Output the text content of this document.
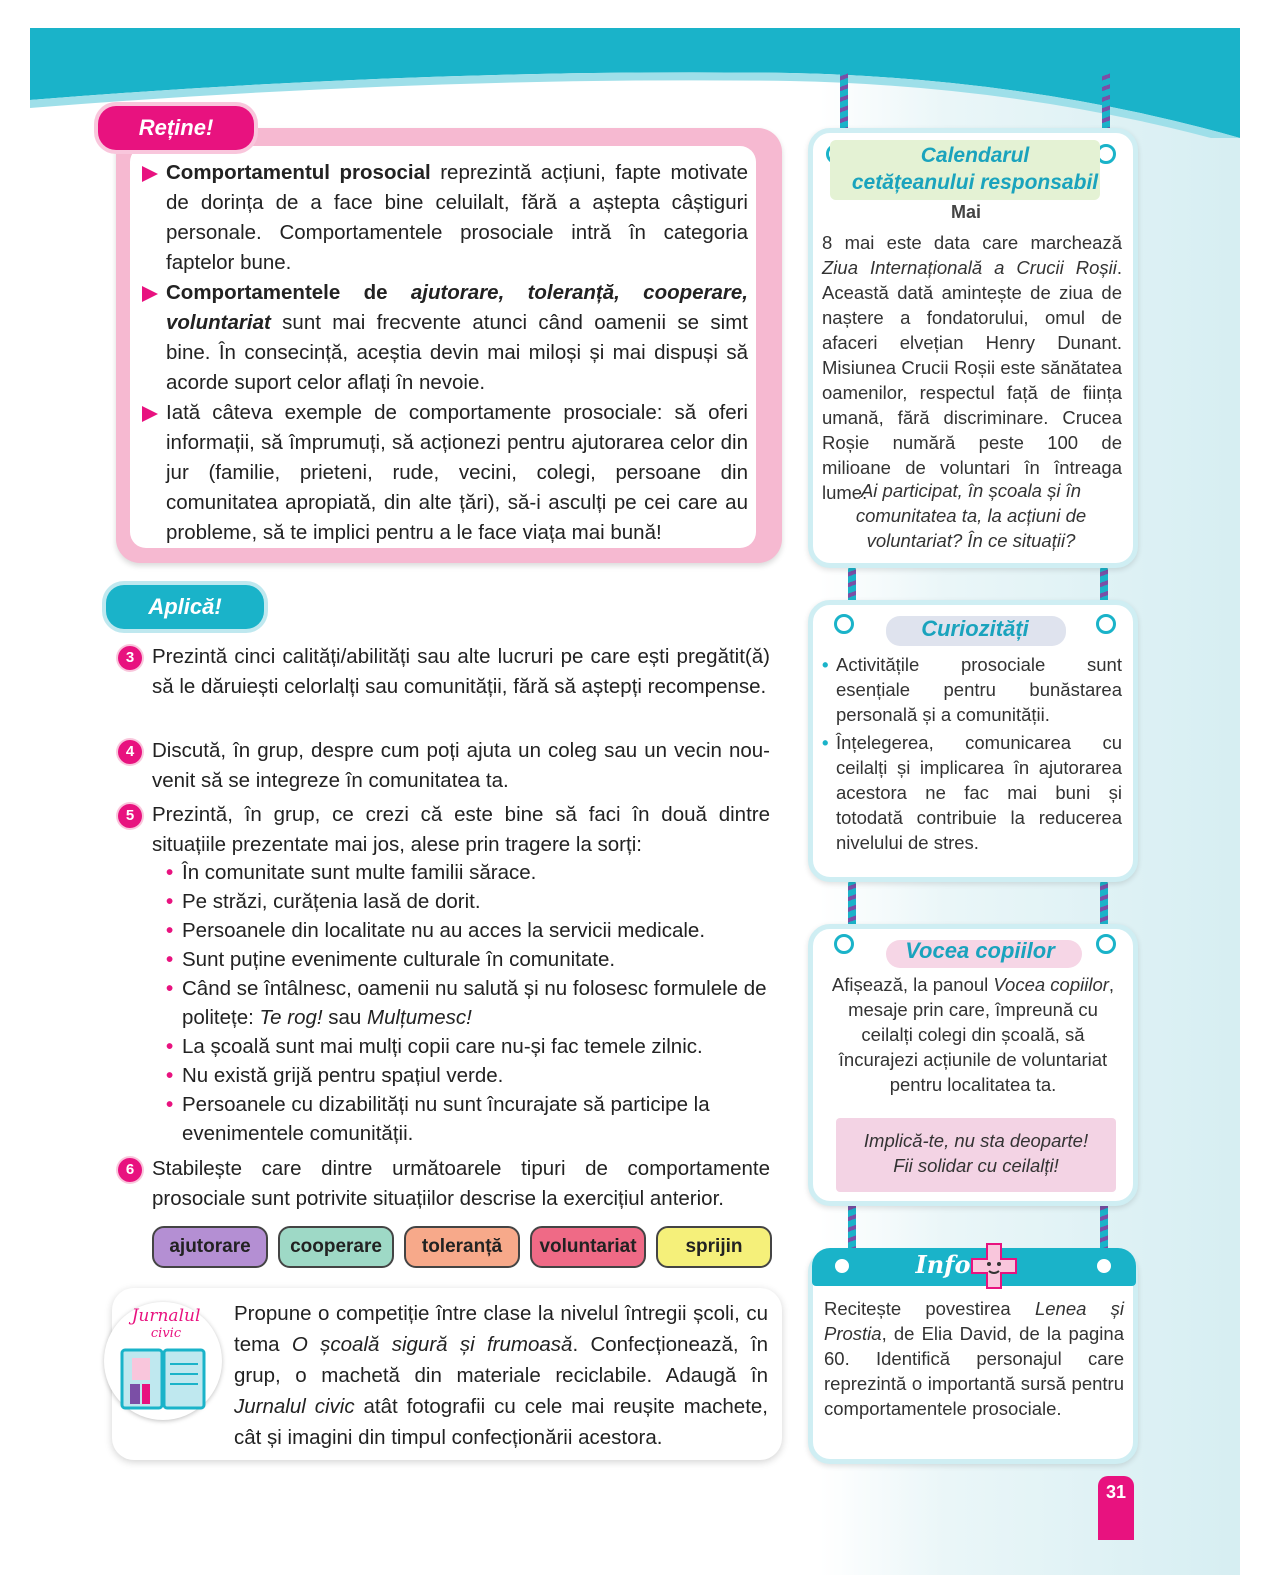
Reține!
Comportamentul prosocial reprezintă acțiuni, fapte motivate de dorința de a face bine celuilalt, fără a aștepta câștiguri personale. Comportamentele prosociale intră în categoria faptelor bune.
Comportamentele de ajutorare, toleranță, cooperare, voluntariat sunt mai frecvente atunci când oamenii se simt bine. În consecință, aceștia devin mai miloși și mai dispuși să acorde suport celor aflați în nevoie.
Iată câteva exemple de comportamente prosociale: să oferi informații, să împrumuți, să acționezi pentru ajutorarea celor din jur (familie, prieteni, rude, vecini, colegi, persoane din comunitatea apropiată, din alte țări), să-i asculți pe cei care au probleme, să te implici pentru a le face viața mai bună!
Aplică!
3 Prezintă cinci calități/abilități sau alte lucruri pe care ești pregătit(ă) să le dăruiești celorlalți sau comunității, fără să aștepți recompense.
4 Discută, în grup, despre cum poți ajuta un coleg sau un vecin nou-venit să se integreze în comunitatea ta.
5 Prezintă, în grup, ce crezi că este bine să faci în două dintre situațiile prezentate mai jos, alese prin tragere la sorți:
• În comunitate sunt multe familii sărace.
• Pe străzi, curățenia lasă de dorit.
• Persoanele din localitate nu au acces la servicii medicale.
• Sunt puține evenimente culturale în comunitate.
• Când se întâlnesc, oamenii nu salută și nu folosesc formulele de politețe: Te rog! sau Mulțumesc!
• La școală sunt mai mulți copii care nu-și fac temele zilnic.
• Nu există grijă pentru spațiul verde.
• Persoanele cu dizabilități nu sunt încurajate să participe la evenimentele comunității.
6 Stabilește care dintre următoarele tipuri de comportamente prosociale sunt potrivite situațiilor descrise la exercițiul anterior.
ajutorare	cooperare	toleranță	voluntariat	sprijin
Jurnalul
civic
Propune o competiție între clase la nivelul întregii școli, cu tema O școală sigură și frumoasă. Confecționează, în grup, o machetă din materiale reciclabile. Adaugă în Jurnalul civic atât fotografii cu cele mai reușite machete, cât și imagini din timpul confecționării acestora.
Calendarul
cetățeanului responsabil
Mai
8 mai este data care marchează Ziua Internațională a Crucii Roșii. Această dată amintește de ziua de naștere a fondatorului, omul de afaceri elvețian Henry Dunant. Misiunea Crucii Roșii este sănătatea oamenilor, respectul față de ființa umană, fără discriminare. Crucea Roșie numără peste 100 de milioane de voluntari în întreaga lume.
Ai participat, în școala și în comunitatea ta, la acțiuni de voluntariat? În ce situații?
Curiozități
• Activitățile prosociale sunt esențiale pentru bunăstarea personală și a comunității.
• Înțelegerea, comunicarea cu ceilalți și implicarea în ajutorarea acestora ne fac mai buni și totodată contribuie la reducerea nivelului de stres.
Vocea copiilor
Afișează, la panoul Vocea copiilor, mesaje prin care, împreună cu ceilalți colegi din școală, să încurajezi acțiunile de voluntariat pentru localitatea ta.
Implică-te, nu sta deoparte!
Fii solidar cu ceilalți!
Info
Recitește povestirea Lenea și Prostia, de Elia David, de la pagina 60. Identifică personajul care reprezintă o importantă sursă pentru comportamentele prosociale.
31
